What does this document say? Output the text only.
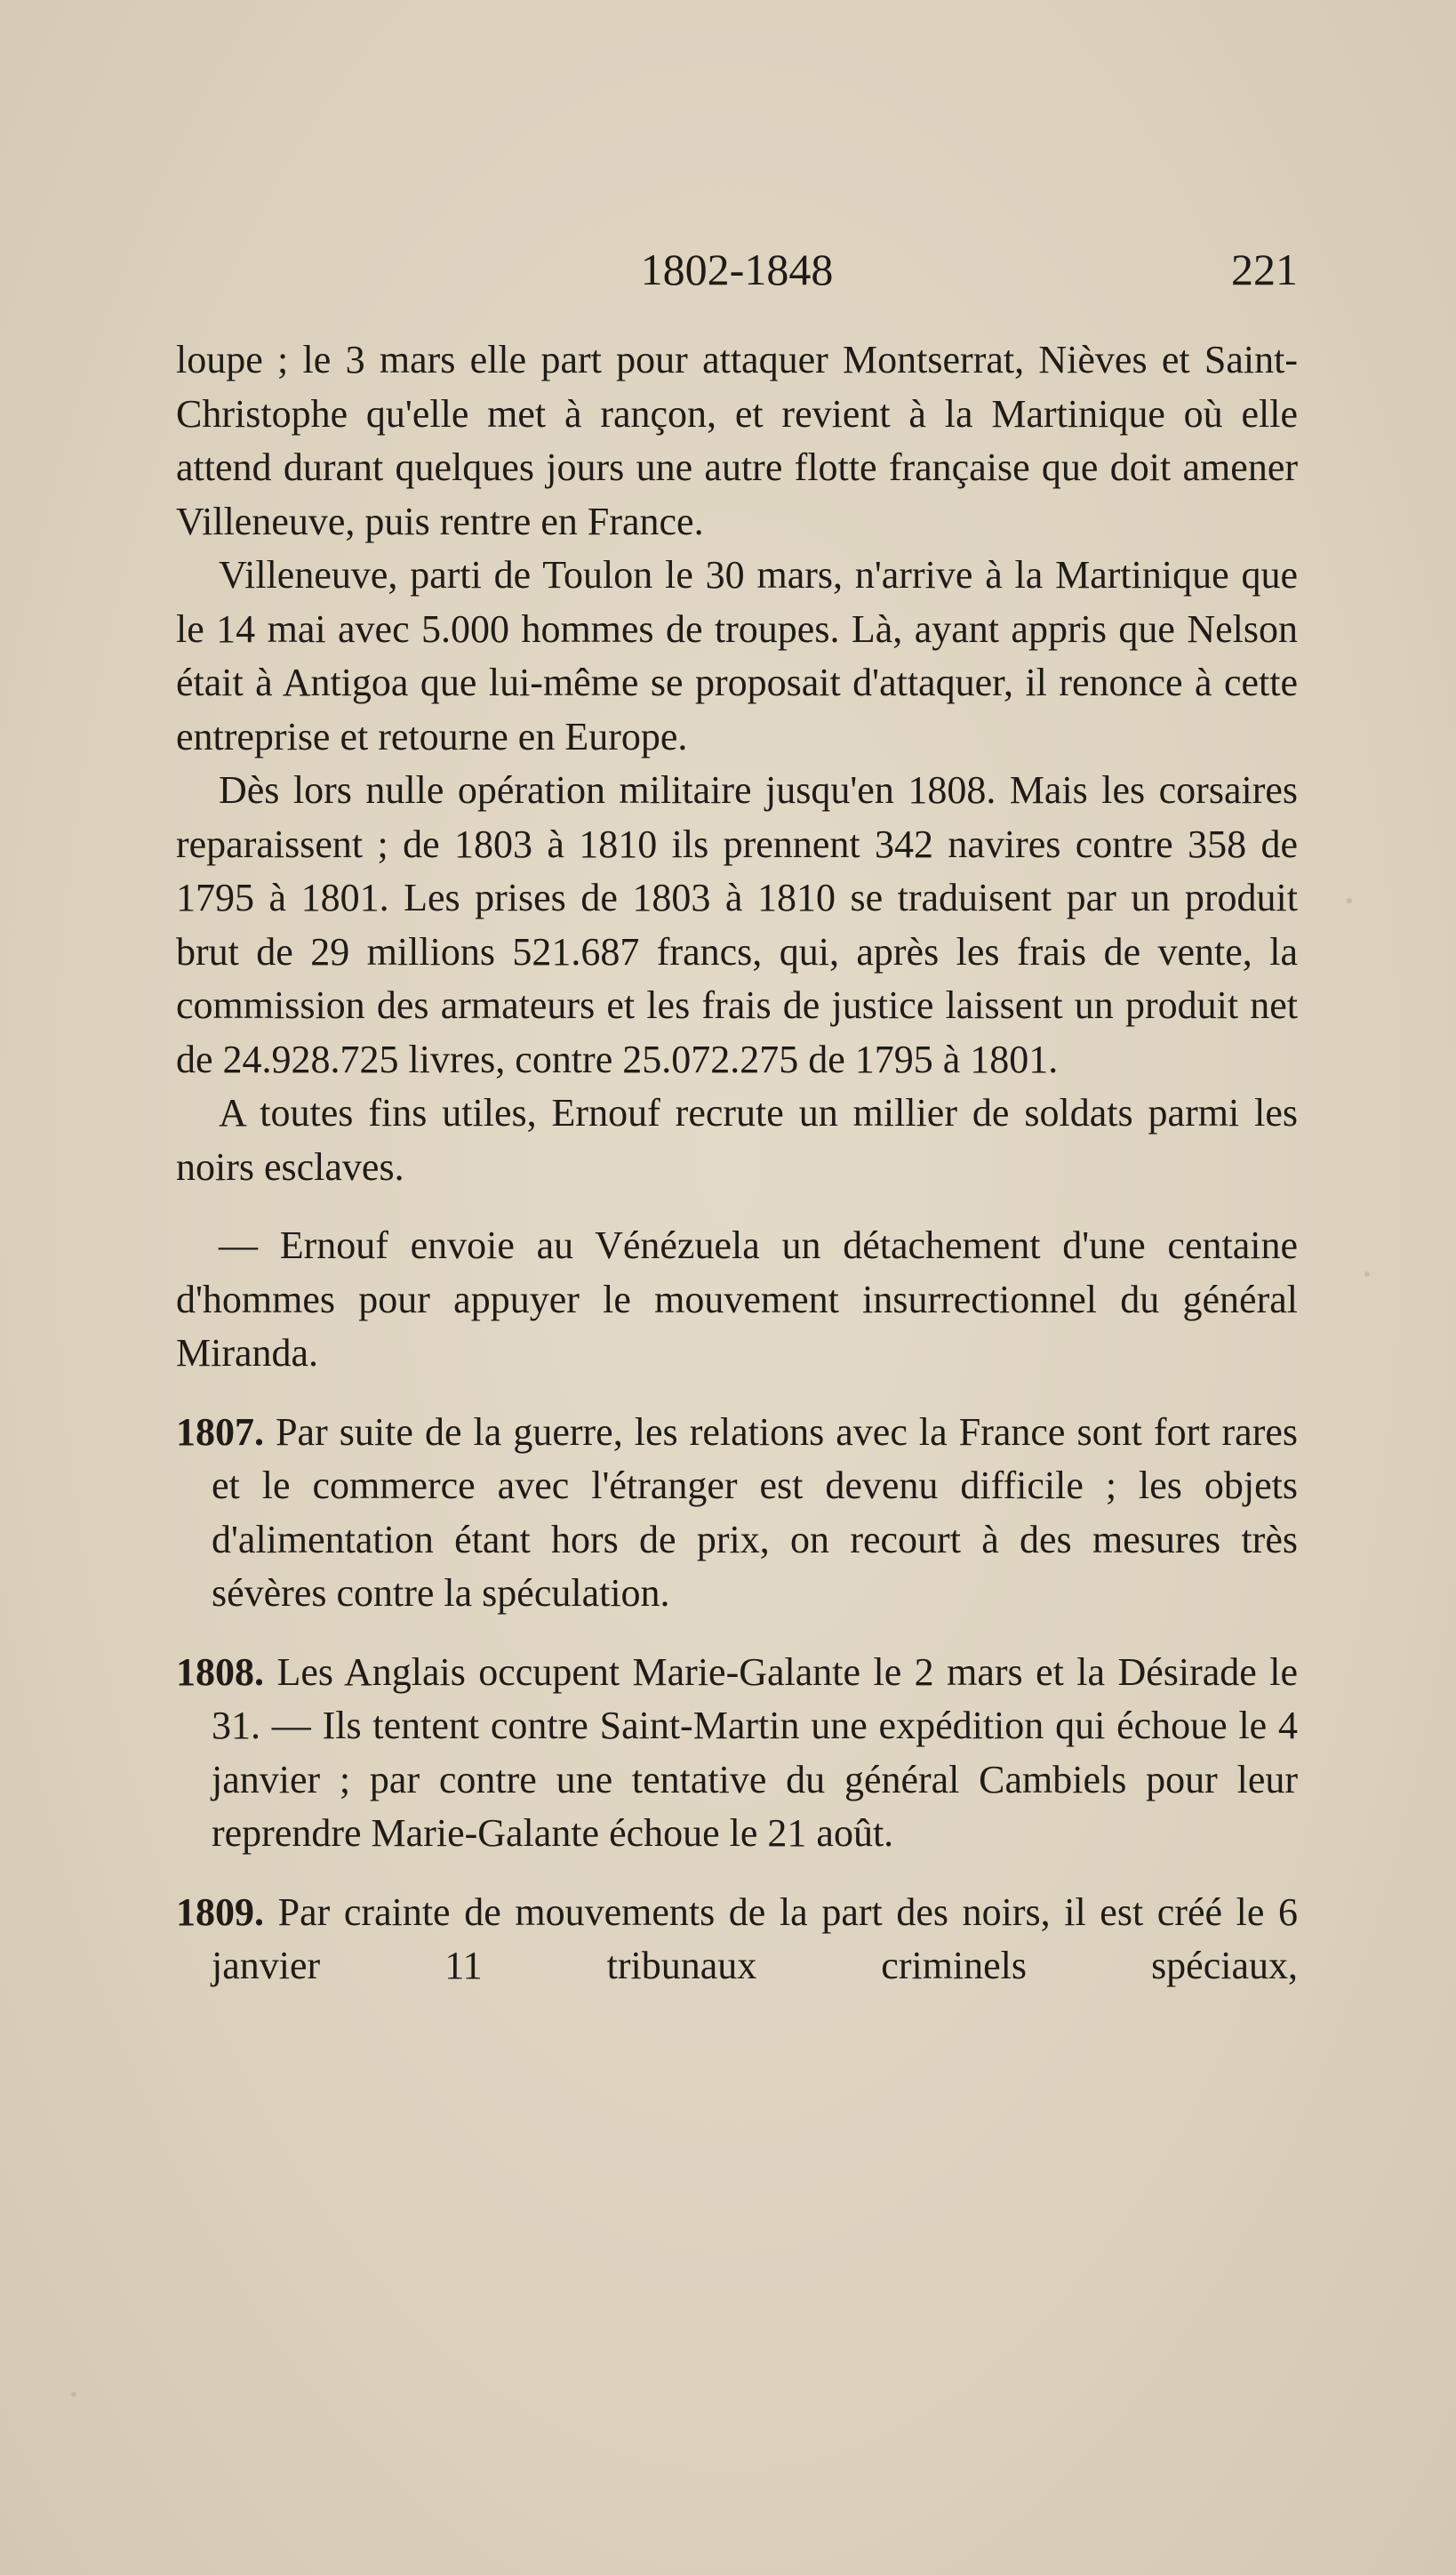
1802-1848	221

loupe ; le 3 mars elle part pour attaquer Montserrat, Nièves et Saint-Christophe qu'elle met à rançon, et revient à la Martinique où elle attend durant quelques jours une autre flotte française que doit amener Villeneuve, puis rentre en France.

Villeneuve, parti de Toulon le 30 mars, n'arrive à la Martinique que le 14 mai avec 5.000 hommes de troupes. Là, ayant appris que Nelson était à Antigoa que lui-même se proposait d'attaquer, il renonce à cette entreprise et retourne en Europe.

Dès lors nulle opération militaire jusqu'en 1808. Mais les corsaires reparaissent ; de 1803 à 1810 ils prennent 342 navires contre 358 de 1795 à 1801. Les prises de 1803 à 1810 se traduisent par un produit brut de 29 millions 521.687 francs, qui, après les frais de vente, la commission des armateurs et les frais de justice laissent un produit net de 24.928.725 livres, contre 25.072.275 de 1795 à 1801.

A toutes fins utiles, Ernouf recrute un millier de soldats parmi les noirs esclaves.

— Ernouf envoie au Vénézuela un détachement d'une centaine d'hommes pour appuyer le mouvement insurrectionnel du général Miranda.

1807. Par suite de la guerre, les relations avec la France sont fort rares et le commerce avec l'étranger est devenu difficile ; les objets d'alimentation étant hors de prix, on recourt à des mesures très sévères contre la spéculation.

1808. Les Anglais occupent Marie-Galante le 2 mars et la Désirade le 31. — Ils tentent contre Saint-Martin une expédition qui échoue le 4 janvier ; par contre une tentative du général Cambiels pour leur reprendre Marie-Galante échoue le 21 août.

1809. Par crainte de mouvements de la part des noirs, il est créé le 6 janvier 11 tribunaux criminels spéciaux,
